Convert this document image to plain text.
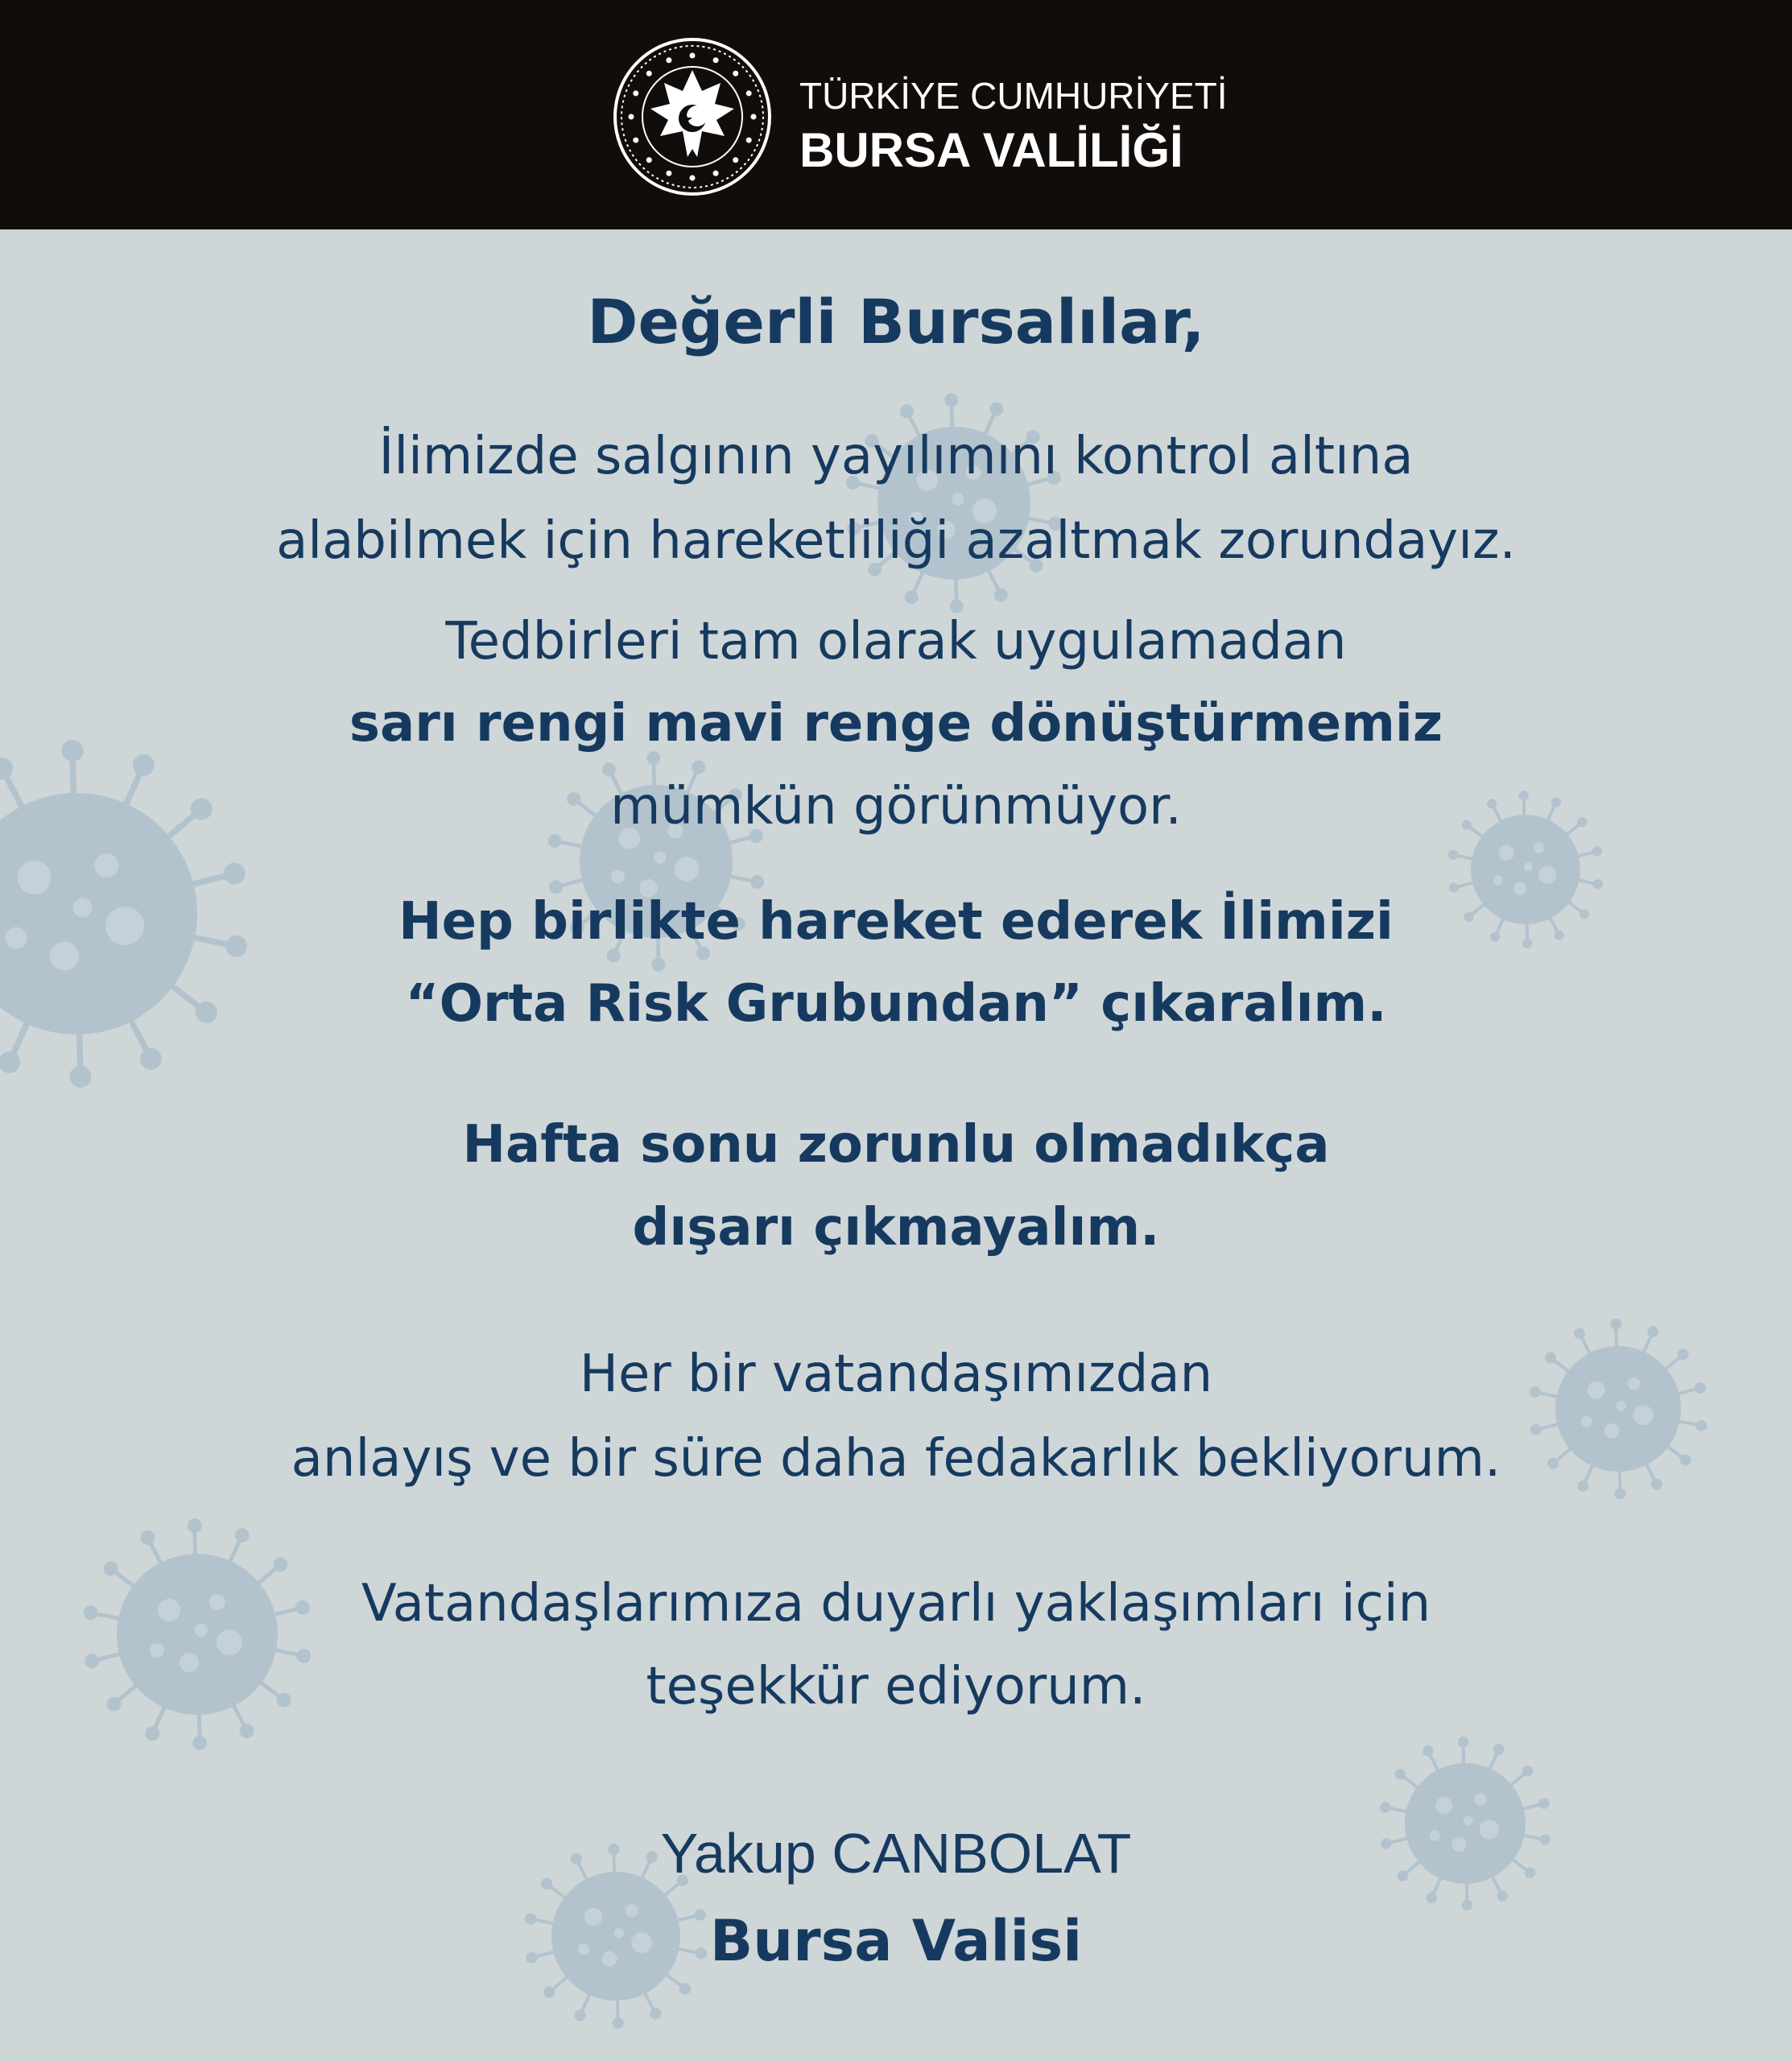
TÜRKİYE CUMHURİYETİ
BURSA VALİLİĞİ
Değerli Bursalılar,
İlimizde salgının yayılımını kontrol altına
alabilmek için hareketliliği azaltmak zorundayız.
Tedbirleri tam olarak uygulamadan
sarı rengi mavi renge dönüştürmemiz
mümkün görünmüyor.
Hep birlikte hareket ederek İlimizi
“Orta Risk Grubundan” çıkaralım.
Hafta sonu zorunlu olmadıkça
dışarı çıkmayalım.
Her bir vatandaşımızdan
anlayış ve bir süre daha fedakarlık bekliyorum.
Vatandaşlarımıza duyarlı yaklaşımları için
teşekkür ediyorum.
Yakup CANBOLAT
Bursa Valisi
